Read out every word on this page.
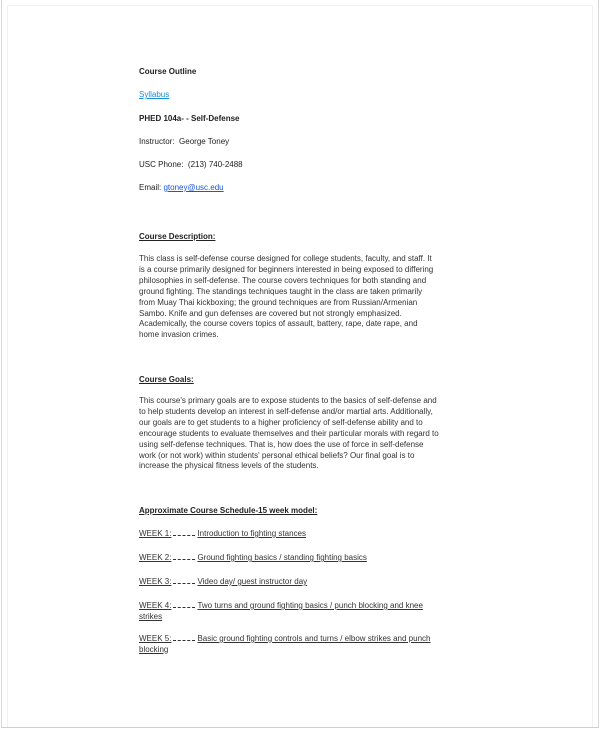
Course Outline
Syllabus
PHED 104a- - Self-Defense
Instructor: George Toney
USC Phone: (213) 740-2488
Email: gtoney@usc.edu
Course Description:
This class is self-defense course designed for college students, faculty, and staff. It
is a course primarily designed for beginners interested in being exposed to differing
philosophies in self-defense. The course covers techniques for both standing and
ground fighting. The standings techniques taught in the class are taken primarily
from Muay Thai kickboxing; the ground techniques are from Russian/Armenian
Sambo. Knife and gun defenses are covered but not strongly emphasized.
Academically, the course covers topics of assault, battery, rape, date rape, and
home invasion crimes.
Course Goals:
This course's primary goals are to expose students to the basics of self-defense and
to help students develop an interest in self-defense and/or martial arts. Additionally,
our goals are to get students to a higher proficiency of self-defense ability and to
encourage students to evaluate themselves and their particular morals with regard to
using self-defense techniques. That is, how does the use of force in self-defense
work (or not work) within students' personal ethical beliefs? Our final goal is to
increase the physical fitness levels of the students.
Approximate Course Schedule-15 week model:
WEEK 1:	Introduction to fighting stances
WEEK 2:	Ground fighting basics / standing fighting basics
WEEK 3:	Video day/ guest instructor day
WEEK 4:	Two turns and ground fighting basics / punch blocking and knee
strikes
WEEK 5:	Basic ground fighting controls and turns / elbow strikes and punch
blocking
